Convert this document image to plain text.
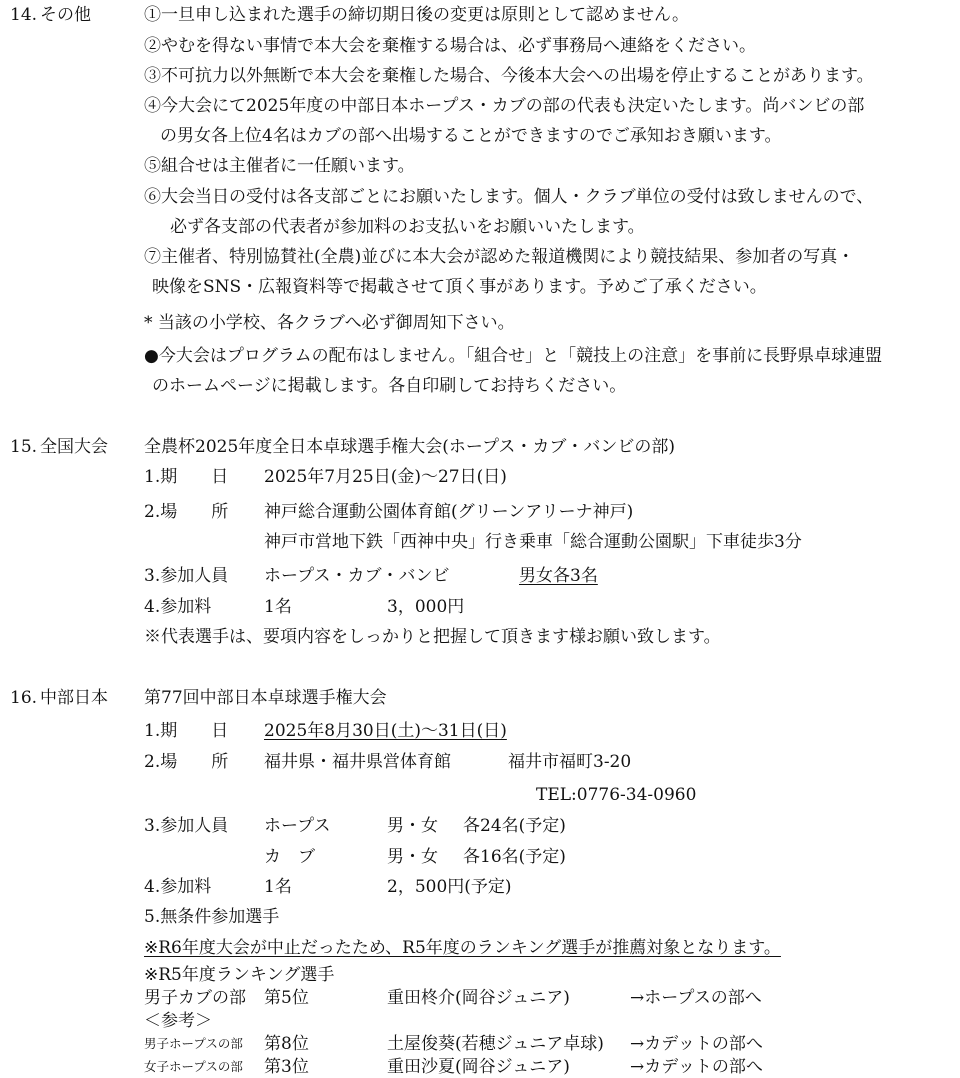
14. その他	①一旦申し込まれた選手の締切期日後の変更は原則として認めません。
②やむを得ない事情で本大会を棄権する場合は、必ず事務局へ連絡をください。
③不可抗力以外無断で本大会を棄権した場合、今後本大会への出場を停止することがあります。
④今大会にて2025年度の中部日本ホープス・カブの部の代表も決定いたします。尚バンビの部
の男女各上位4名はカブの部へ出場することができますのでご承知おき願います。
⑤組合せは主催者に一任願います。
⑥大会当日の受付は各支部ごとにお願いたします。個人・クラブ単位の受付は致しませんので、
必ず各支部の代表者が参加料のお支払いをお願いいたします。
⑦主催者、特別協賛社(全農)並びに本大会が認めた報道機関により競技結果、参加者の写真・
映像をSNS・広報資料等で掲載させて頂く事があります。予めご了承ください。
* 当該の小学校、各クラブへ必ず御周知下さい。
●今大会はプログラムの配布はしません。「組合せ」と「競技上の注意」を事前に長野県卓球連盟
のホームページに掲載します。各自印刷してお持ちください。
15. 全国大会 全農杯2025年度全日本卓球選手権大会(ホープス・カブ・バンビの部)
1.期　　日 2025年7月25日(金)～27日(日)
2.場　　所 神戸総合運動公園体育館(グリーンアリーナ神戸)
神戸市営地下鉄「西神中央」行き乗車「総合運動公園駅」下車徒歩3分
3.参加人員 ホープス・カブ・バンビ	男女各3名
4.参加料	1名	3，000円
※代表選手は、要項内容をしっかりと把握して頂きます様お願い致します。
16. 中部日本 第77回中部日本卓球選手権大会
1.期　　日 2025年8月30日(土)～31日(日)
2.場　　所 福井県・福井県営体育館	福井市福町3-20
TEL:0776-34-0960
3.参加人員 ホープス	男・女 各24名(予定)
カ　ブ	男・女 各16名(予定)
4.参加料	1名	2，500円(予定)
5.無条件参加選手
※R6年度大会が中止だったため、R5年度のランキング選手が推薦対象となります。
※R5年度ランキング選手
男子カブの部 第5位	重田柊介(岡谷ジュニア)	→ホープスの部へ
＜参考＞
男子ホープスの部 第8位	土屋俊葵(若穂ジュニア卓球) →カデットの部へ
女子ホープスの部 第3位	重田沙夏(岡谷ジュニア)	→カデットの部へ
